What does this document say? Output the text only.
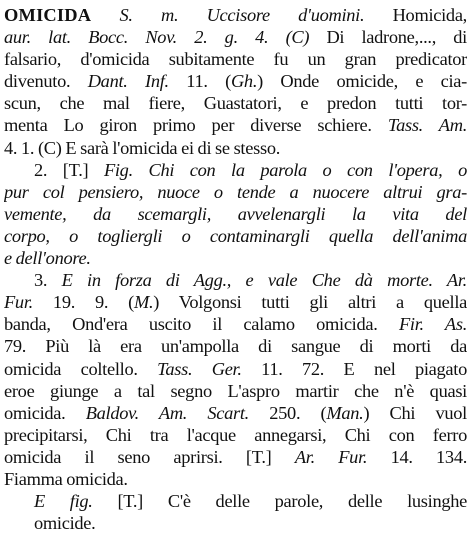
OMICIDA S. m. Uccisore d'uomini. Homicida,
aur. lat. Bocc. Nov. 2. g. 4. (C) Di ladrone,..., di
falsario, d'omicida subitamente fu un gran predicator
divenuto. Dant. Inf. 11. (Gh.) Onde omicide, e cia-
scun, che mal fiere, Guastatori, e predon tutti tor-
menta Lo giron primo per diverse schiere. Tass. Am.
4. 1. (C) E sarà l'omicida ei di se stesso.
2. [T.] Fig. Chi con la parola o con l'opera, o
pur col pensiero, nuoce o tende a nuocere altrui gra-
vemente, da scemargli, avvelenargli la vita del
corpo, o togliergli o contaminargli quella dell'anima
e dell'onore.
3. E in forza di Agg., e vale Che dà morte. Ar.
Fur. 19. 9. (M.) Volgonsi tutti gli altri a quella
banda, Ond'era uscito il calamo omicida. Fir. As.
79. Più là era un'ampolla di sangue di morti da
omicida coltello. Tass. Ger. 11. 72. E nel piagato
eroe giunge a tal segno L'aspro martir che n'è quasi
omicida. Baldov. Am. Scart. 250. (Man.) Chi vuol
precipitarsi, Chi tra l'acque annegarsi, Chi con ferro
omicida il seno aprirsi. [T.] Ar. Fur. 14. 134.
Fiamma omicida.
E fig. [T.] C'è delle parole, delle lusinghe
omicide.
